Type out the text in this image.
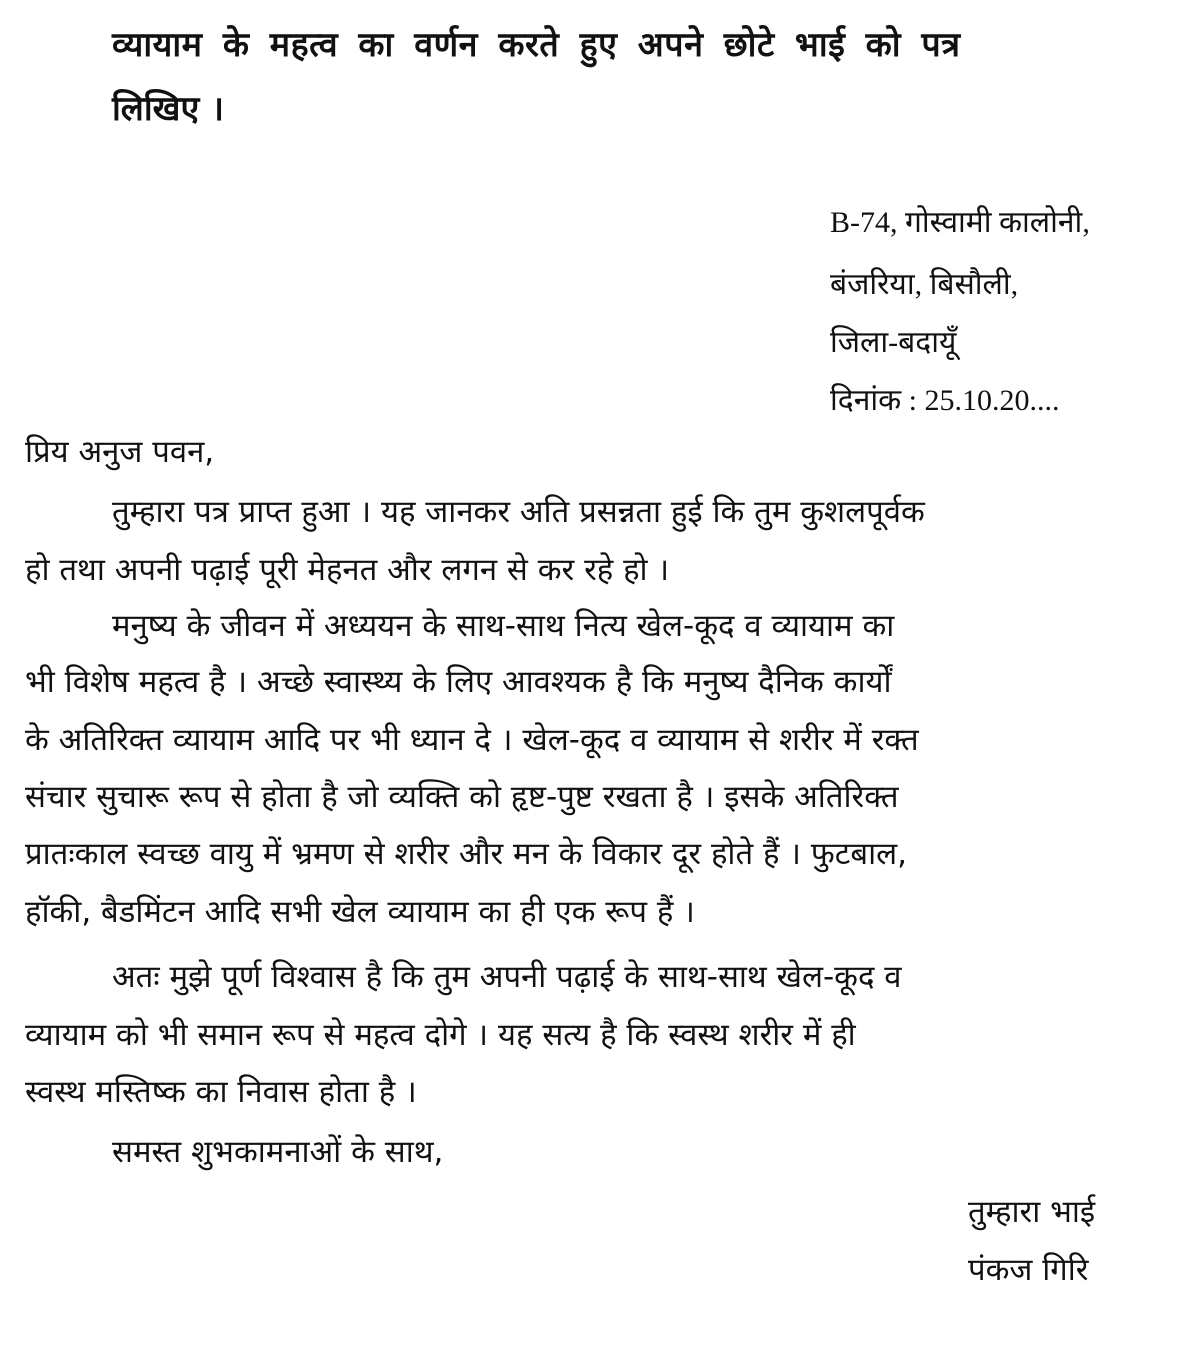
व्यायाम के महत्व का वर्णन करते हुए अपने छोटे भाई को पत्र
लिखिए ।
B-74, गोस्वामी कालोनी,
बंजरिया, बिसौली,
जिला-बदायूँ
दिनांक : 25.10.20....
प्रिय अनुज पवन,
तुम्हारा पत्र प्राप्त हुआ । यह जानकर अति प्रसन्नता हुई कि तुम कुशलपूर्वक
हो तथा अपनी पढ़ाई पूरी मेहनत और लगन से कर रहे हो ।
मनुष्य के जीवन में अध्ययन के साथ-साथ नित्य खेल-कूद व व्यायाम का
भी विशेष महत्व है । अच्छे स्वास्थ्य के लिए आवश्यक है कि मनुष्य दैनिक कार्यों
के अतिरिक्त व्यायाम आदि पर भी ध्यान दे । खेल-कूद व व्यायाम से शरीर में रक्त
संचार सुचारू रूप से होता है जो व्यक्ति को हृष्ट-पुष्ट रखता है । इसके अतिरिक्त
प्रातःकाल स्वच्छ वायु में भ्रमण से शरीर और मन के विकार दूर होते हैं । फुटबाल,
हॉकी, बैडमिंटन आदि सभी खेल व्यायाम का ही एक रूप हैं ।
अतः मुझे पूर्ण विश्वास है कि तुम अपनी पढ़ाई के साथ-साथ खेल-कूद व
व्यायाम को भी समान रूप से महत्व दोगे । यह सत्य है कि स्वस्थ शरीर में ही
स्वस्थ मस्तिष्क का निवास होता है ।
समस्त शुभकामनाओं के साथ,
तुम्हारा भाई
पंकज गिरि
